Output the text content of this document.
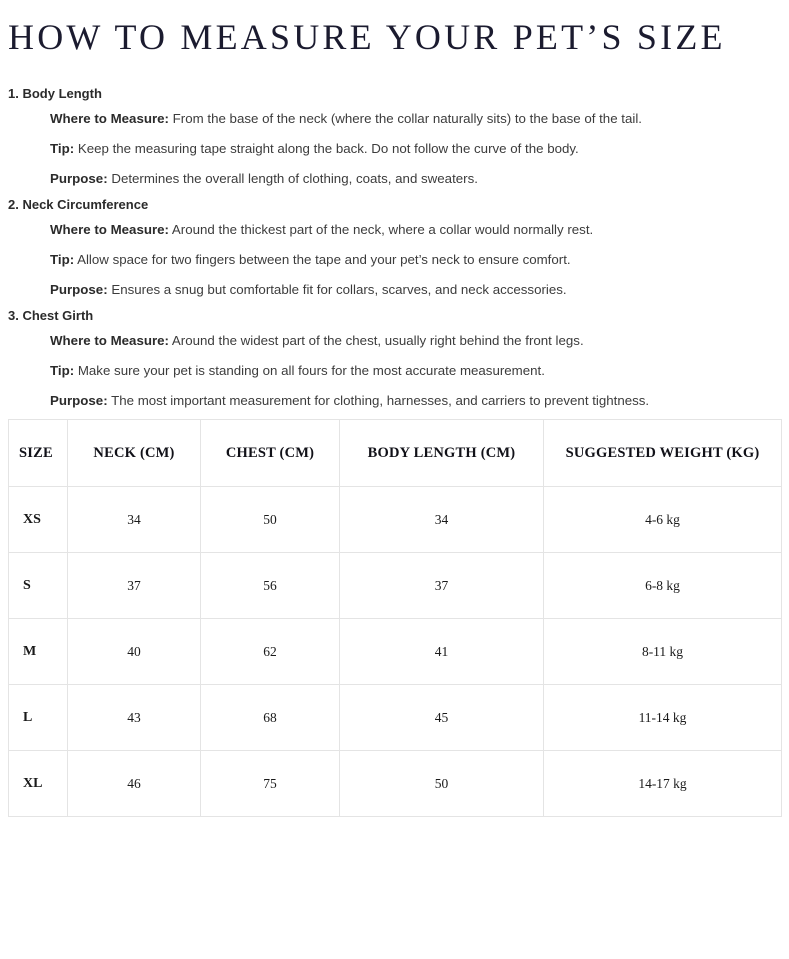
HOW TO MEASURE YOUR PET’S SIZE
1. Body Length

Where to Measure: From the base of the neck (where the collar naturally sits) to the base of the tail.

Tip: Keep the measuring tape straight along the back. Do not follow the curve of the body.

Purpose: Determines the overall length of clothing, coats, and sweaters.

2. Neck Circumference

Where to Measure: Around the thickest part of the neck, where a collar would normally rest.

Tip: Allow space for two fingers between the tape and your pet’s neck to ensure comfort.

Purpose: Ensures a snug but comfortable fit for collars, scarves, and neck accessories.

3. Chest Girth

Where to Measure: Around the widest part of the chest, usually right behind the front legs.

Tip: Make sure your pet is standing on all fours for the most accurate measurement.

Purpose: The most important measurement for clothing, harnesses, and carriers to prevent tightness.

SIZE	NECK (CM)	CHEST (CM)	BODY LENGTH (CM)	SUGGESTED WEIGHT (KG)
XS	34	50	34	4-6 kg
S	37	56	37	6-8 kg
M	40	62	41	8-11 kg
L	43	68	45	11-14 kg
XL	46	75	50	14-17 kg
